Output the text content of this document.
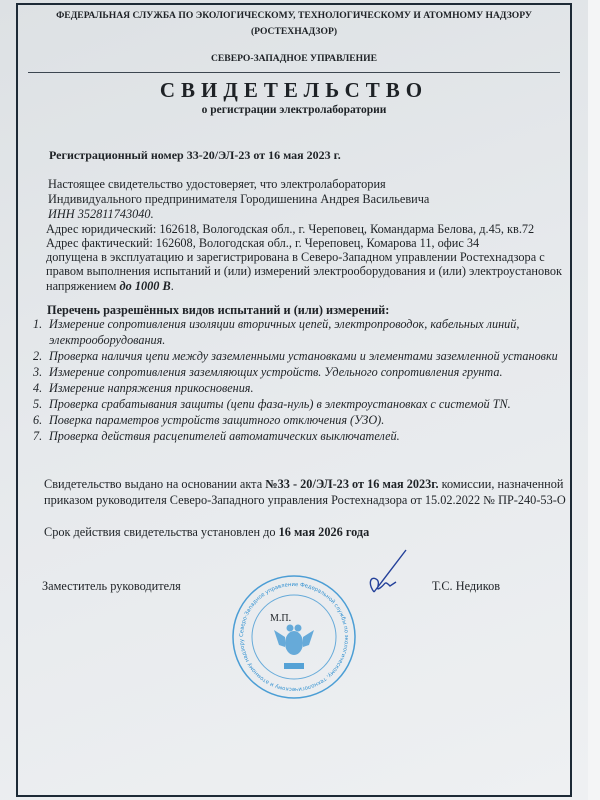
ФЕДЕРАЛЬНАЯ СЛУЖБА ПО ЭКОЛОГИЧЕСКОМУ, ТЕХНОЛОГИЧЕСКОМУ И АТОМНОМУ НАДЗОРУ
(РОСТЕХНАДЗОР)
СЕВЕРО-ЗАПАДНОЕ УПРАВЛЕНИЕ
СВИДЕТЕЛЬСТВО
о регистрации электролаборатории
Регистрационный номер 33-20/ЭЛ-23 от 16 мая 2023 г.
Настоящее свидетельство удостоверяет, что электролаборатория
Индивидуального предпринимателя Городишенина Андрея Васильевича
ИНН 352811743040.
Адрес юридический: 162618, Вологодская обл., г. Череповец, Командарма Белова, д.45, кв.72
Адрес фактический: 162608, Вологодская обл., г. Череповец, Комарова 11, офис 34
допущена в эксплуатацию и зарегистрирована в Северо-Западном управлении Ростехнадзора с
правом выполнения испытаний и (или) измерений электрооборудования и (или) электроустановок
напряжением до 1000 В.
Перечень разрешённых видов испытаний и (или) измерений:
1. Измерение сопротивления изоляции вторичных цепей, электропроводок, кабельных линий,
электрооборудования.
2. Проверка наличия цепи между заземленными установками и элементами заземленной установки
3. Измерение сопротивления заземляющих устройств. Удельного сопротивления грунта.
4. Измерение напряжения прикосновения.
5. Проверка срабатывания защиты (цепи фаза-нуль) в электроустановках с системой TN.
6. Поверка параметров устройств защитного отключения (УЗО).
7. Проверка действия расцепителей автоматических выключателей.
Свидетельство выдано на основании акта №33 - 20/ЭЛ-23 от 16 мая 2023г. комиссии, назначенной
приказом руководителя Северо-Западного управления Ростехнадзора от 15.02.2022 № ПР-240-53-О
Срок действия свидетельства установлен до 16 мая 2026 года
Заместитель руководителя	Т.С. Недиков
М.П.
Северо-Западное управление Федеральной службы по экологическому, технологическому и атомному надзору
